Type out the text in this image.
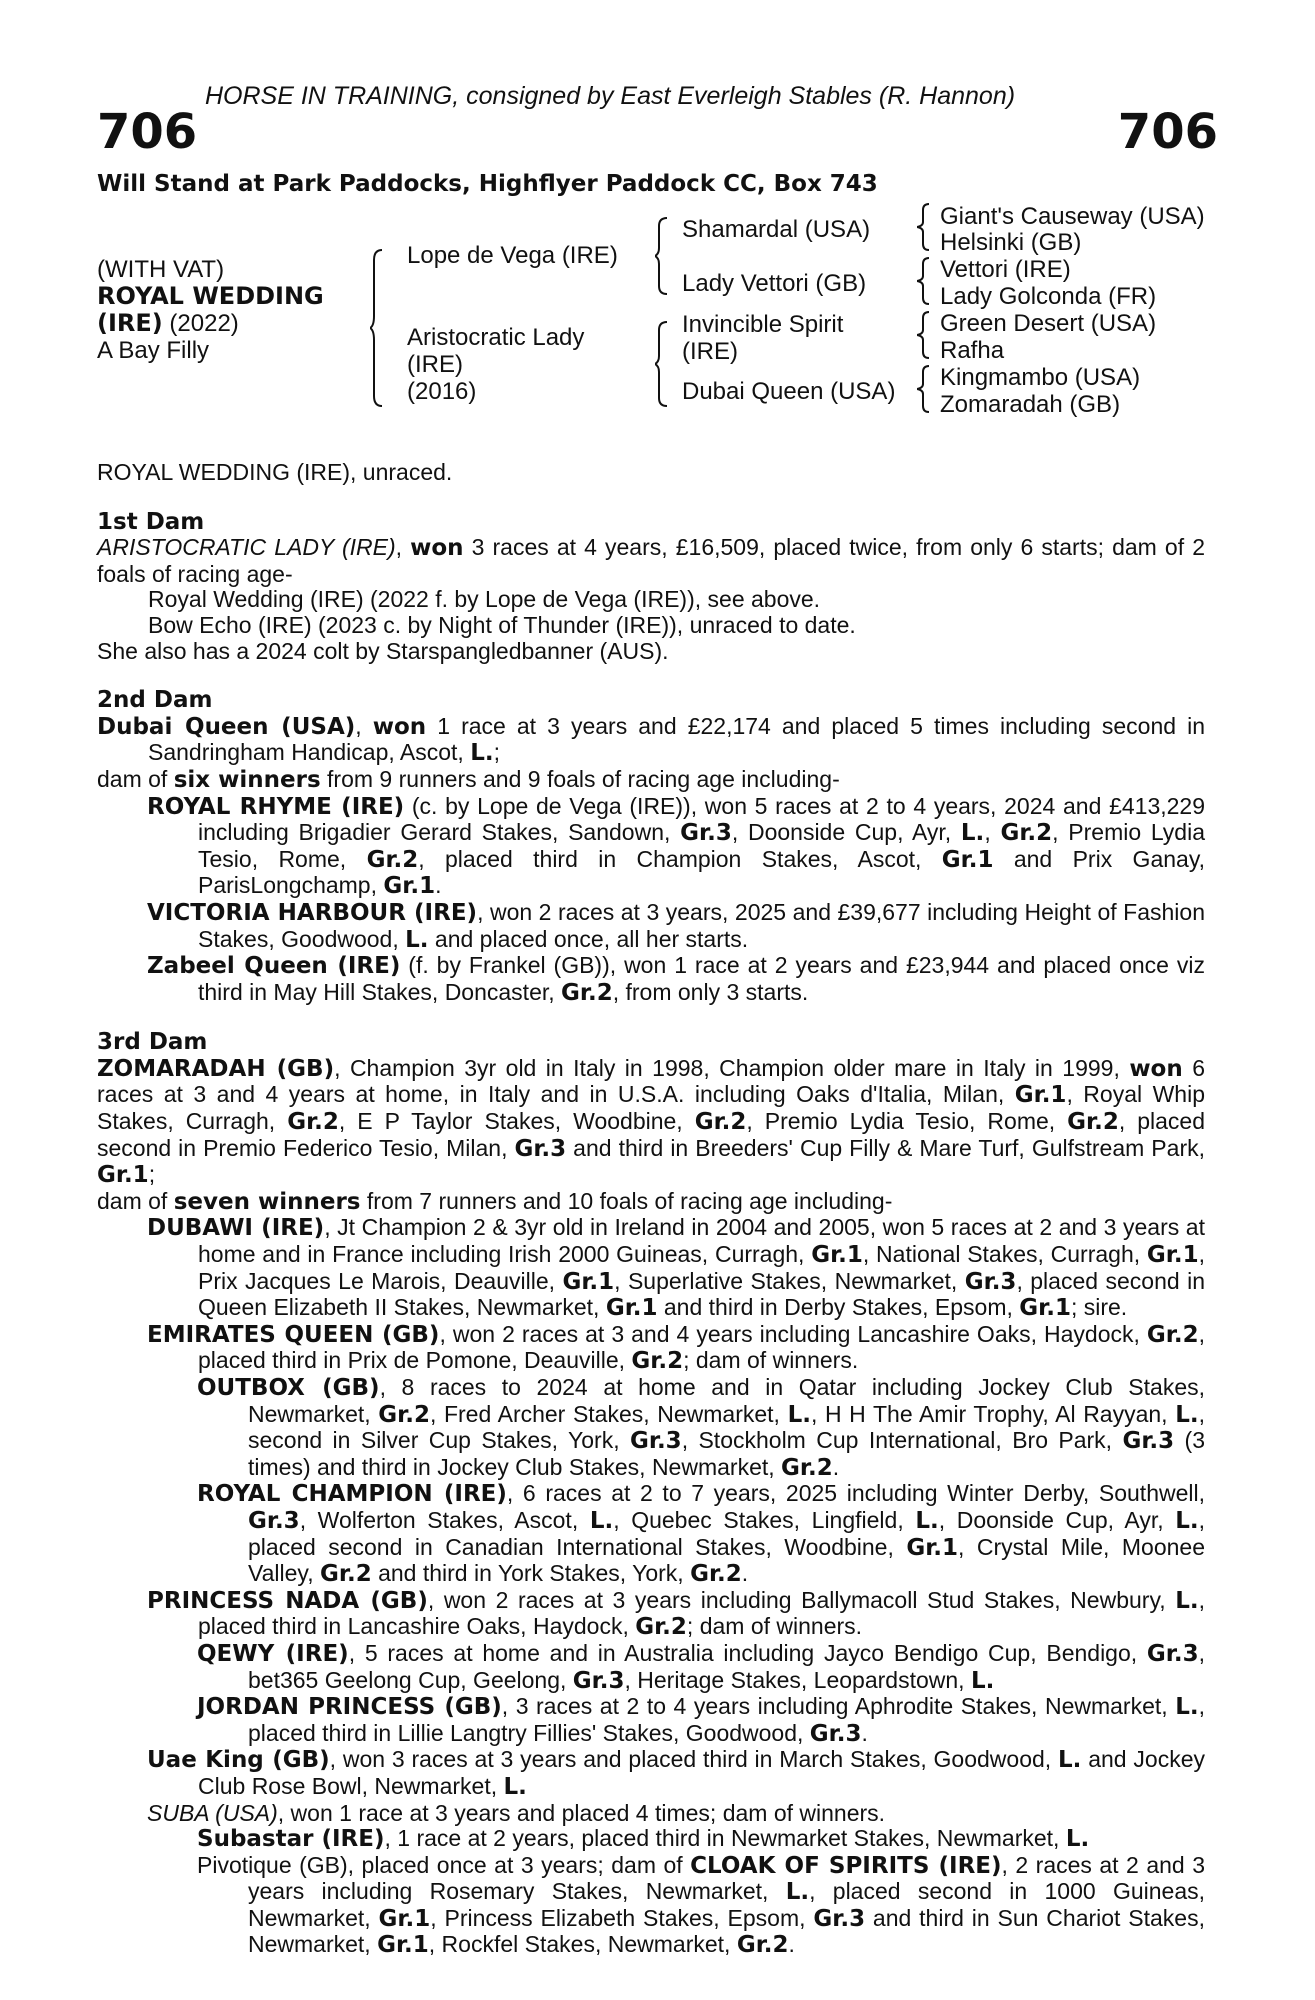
HORSE IN TRAINING, consigned by East Everleigh Stables (R. Hannon)
706	706
Will Stand at Park Paddocks, Highflyer Paddock CC, Box 743
(WITH VAT)
ROYAL WEDDING
(IRE) (2022)
A Bay Filly
Lope de Vega (IRE)
Aristocratic Lady
(IRE)
(2016)
Shamardal (USA)
Lady Vettori (GB)
Invincible Spirit
(IRE)
Dubai Queen (USA)
Giant's Causeway (USA)
Helsinki (GB)
Vettori (IRE)
Lady Golconda (FR)
Green Desert (USA)
Rafha
Kingmambo (USA)
Zomaradah (GB)

ROYAL WEDDING (IRE), unraced.

1st Dam

ARISTOCRATIC LADY (IRE), won 3 races at 4 years, £16,509, placed twice, from only 6 starts; dam of 2 foals of racing age-

Royal Wedding (IRE) (2022 f. by Lope de Vega (IRE)), see above.

Bow Echo (IRE) (2023 c. by Night of Thunder (IRE)), unraced to date.

She also has a 2024 colt by Starspangledbanner (AUS).

2nd Dam

Dubai Queen (USA), won 1 race at 3 years and £22,174 and placed 5 times including second in Sandringham Handicap, Ascot, L.;

dam of six winners from 9 runners and 9 foals of racing age including-

ROYAL RHYME (IRE) (c. by Lope de Vega (IRE)), won 5 races at 2 to 4 years, 2024 and £413,229 including Brigadier Gerard Stakes, Sandown, Gr.3, Doonside Cup, Ayr, L., Gr.2, Premio Lydia Tesio, Rome, Gr.2, placed third in Champion Stakes, Ascot, Gr.1 and Prix Ganay, ParisLongchamp, Gr.1.

VICTORIA HARBOUR (IRE), won 2 races at 3 years, 2025 and £39,677 including Height of Fashion Stakes, Goodwood, L. and placed once, all her starts.

Zabeel Queen (IRE) (f. by Frankel (GB)), won 1 race at 2 years and £23,944 and placed once viz third in May Hill Stakes, Doncaster, Gr.2, from only 3 starts.

3rd Dam

ZOMARADAH (GB), Champion 3yr old in Italy in 1998, Champion older mare in Italy in 1999, won 6 races at 3 and 4 years at home, in Italy and in U.S.A. including Oaks d'Italia, Milan, Gr.1, Royal Whip Stakes, Curragh, Gr.2, E P Taylor Stakes, Woodbine, Gr.2, Premio Lydia Tesio, Rome, Gr.2, placed second in Premio Federico Tesio, Milan, Gr.3 and third in Breeders' Cup Filly & Mare Turf, Gulfstream Park, Gr.1;

dam of seven winners from 7 runners and 10 foals of racing age including-

DUBAWI (IRE), Jt Champion 2 & 3yr old in Ireland in 2004 and 2005, won 5 races at 2 and 3 years at home and in France including Irish 2000 Guineas, Curragh, Gr.1, National Stakes, Curragh, Gr.1, Prix Jacques Le Marois, Deauville, Gr.1, Superlative Stakes, Newmarket, Gr.3, placed second in Queen Elizabeth II Stakes, Newmarket, Gr.1 and third in Derby Stakes, Epsom, Gr.1; sire.

EMIRATES QUEEN (GB), won 2 races at 3 and 4 years including Lancashire Oaks, Haydock, Gr.2, placed third in Prix de Pomone, Deauville, Gr.2; dam of winners.

OUTBOX (GB), 8 races to 2024 at home and in Qatar including Jockey Club Stakes, Newmarket, Gr.2, Fred Archer Stakes, Newmarket, L., H H The Amir Trophy, Al Rayyan, L., second in Silver Cup Stakes, York, Gr.3, Stockholm Cup International, Bro Park, Gr.3 (3 times) and third in Jockey Club Stakes, Newmarket, Gr.2.

ROYAL CHAMPION (IRE), 6 races at 2 to 7 years, 2025 including Winter Derby, Southwell, Gr.3, Wolferton Stakes, Ascot, L., Quebec Stakes, Lingfield, L., Doonside Cup, Ayr, L., placed second in Canadian International Stakes, Woodbine, Gr.1, Crystal Mile, Moonee Valley, Gr.2 and third in York Stakes, York, Gr.2.

PRINCESS NADA (GB), won 2 races at 3 years including Ballymacoll Stud Stakes, Newbury, L., placed third in Lancashire Oaks, Haydock, Gr.2; dam of winners.

QEWY (IRE), 5 races at home and in Australia including Jayco Bendigo Cup, Bendigo, Gr.3, bet365 Geelong Cup, Geelong, Gr.3, Heritage Stakes, Leopardstown, L.

JORDAN PRINCESS (GB), 3 races at 2 to 4 years including Aphrodite Stakes, Newmarket, L., placed third in Lillie Langtry Fillies' Stakes, Goodwood, Gr.3.

Uae King (GB), won 3 races at 3 years and placed third in March Stakes, Goodwood, L. and Jockey Club Rose Bowl, Newmarket, L.

SUBA (USA), won 1 race at 3 years and placed 4 times; dam of winners.

Subastar (IRE), 1 race at 2 years, placed third in Newmarket Stakes, Newmarket, L.

Pivotique (GB), placed once at 3 years; dam of CLOAK OF SPIRITS (IRE), 2 races at 2 and 3 years including Rosemary Stakes, Newmarket, L., placed second in 1000 Guineas, Newmarket, Gr.1, Princess Elizabeth Stakes, Epsom, Gr.3 and third in Sun Chariot Stakes, Newmarket, Gr.1, Rockfel Stakes, Newmarket, Gr.2.
